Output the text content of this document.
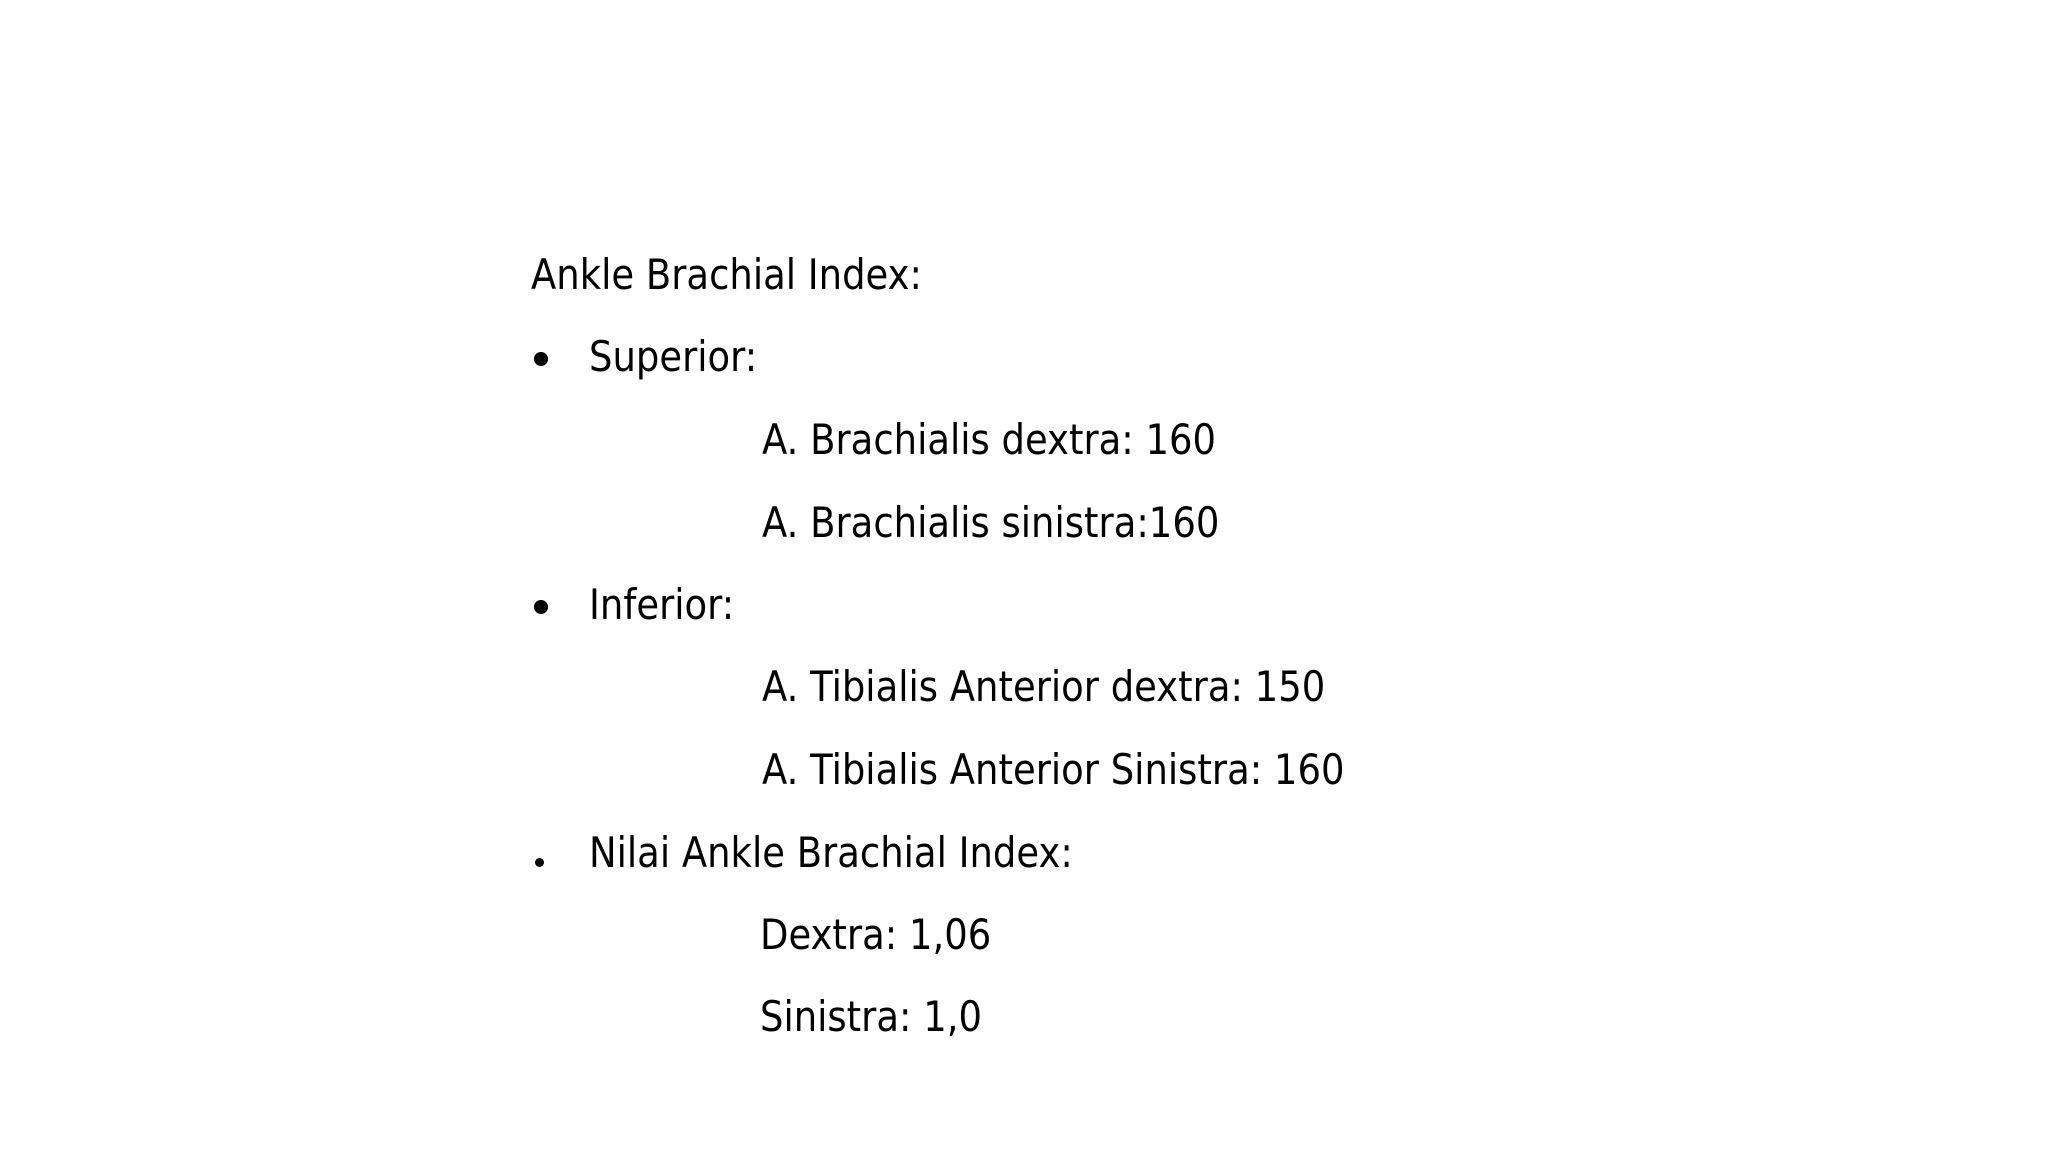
Ankle Brachial Index:
Superior:
A. Brachialis dextra: 160
A. Brachialis sinistra:160
Inferior:
A. Tibialis Anterior dextra: 150
A. Tibialis Anterior Sinistra: 160
Nilai Ankle Brachial Index:
Dextra: 1,06
Sinistra: 1,0
